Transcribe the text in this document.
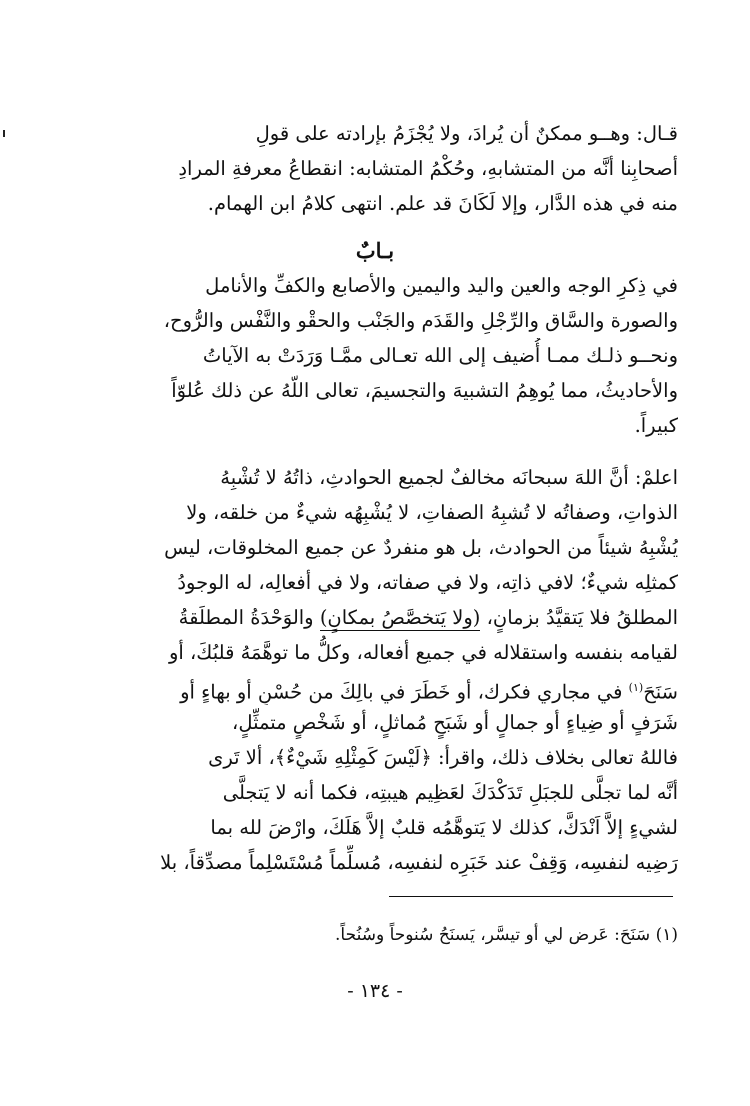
قـال: وهــو ممكنٌ أن يُرادَ، ولا يُجْزَمُ بإرادته على قولِ
أصحابِنا أنَّه من المتشابهِ، وحُكْمُ المتشابه: انقطاعُ معرفةِ المرادِ
منه في هذه الدَّار، وإلا لَكَانَ قد علم. انتهى كلامُ ابن الهمام.
بـابٌ
في ذِكرِ الوجه والعين واليد واليمين والأصابع والكفِّ والأنامل
والصورة والسَّاق والرِّجْلِ والقَدَم والجَنْب والحقْو والنَّفْس والرُّوح،
ونحــو ذلـك ممـا أُضيف إلى الله تعـالى ممَّـا وَرَدَتْ به الآياتُ
والأحاديثُ، مما يُوهِمُ التشبيهَ والتجسيمَ، تعالى اللّهُ عن ذلك عُلوّاً
كبيراً.
اعلمْ: أنَّ اللهَ سبحانَه مخالفٌ لجميع الحوادثِ، ذاتُهُ لا تُشْبِهُ
الذواتِ، وصفاتُه لا تُشبِهُ الصفاتِ، لا يُشْبِهُه شيءٌ من خلقه، ولا
يُشْبِهُ شيئاً من الحوادث، بل هو منفردٌ عن جميع المخلوقات، ليس
كمثلِه شيءٌ؛ لافي ذاتِه، ولا في صفاته، ولا في أفعالِه، له الوجودُ
المطلقُ فلا يَتقيَّدُ بزمانٍ، (ولا يَتخصَّصُ بمكانٍ) والوَحْدَةُ المطلَقةُ
لقيامه بنفسه واستقلاله في جميع أفعاله، وكلُّ ما توهَّمَهُ قلبُكَ، أو
سَنَحَ$^{(١)}$ في مجاري فكرك، أو خَطَرَ في بالِكَ من حُسْنٍ أو بهاءٍ أو
شَرَفٍ أو ضِياءٍ أو جمالٍ أو شَبَحٍ مُماثلٍ، أو شَخْصٍ متمثِّلٍ،
فاللهُ تعالى بخلاف ذلك، واقرأ: ﴿لَيْسَ كَمِثْلِهِ شَيْءٌ﴾، ألا تَرى
أنَّه لما تجلَّى للجبَلِ تَدَكْدَكَ لعَظِيم هيبتِه، فكما أنه لا يَتجلَّى
لشيءٍ إلاَّ اَنْدَكَّ، كذلك لا يَتوهَّمُه قلبٌ إلاَّ هَلَكَ، وارْضَ لله بما
رَضِيه لنفسِه، وَقِفْ عند خَبَرِه لنفسِه، مُسلِّماً مُسْتَسْلِماً مصدِّقاً، بلا
(١) سَنَحَ: عَرض لي أو تيسَّر، يَسنَحُ سُنوحاً وسُنُحاً.
- ١٣٤ -
